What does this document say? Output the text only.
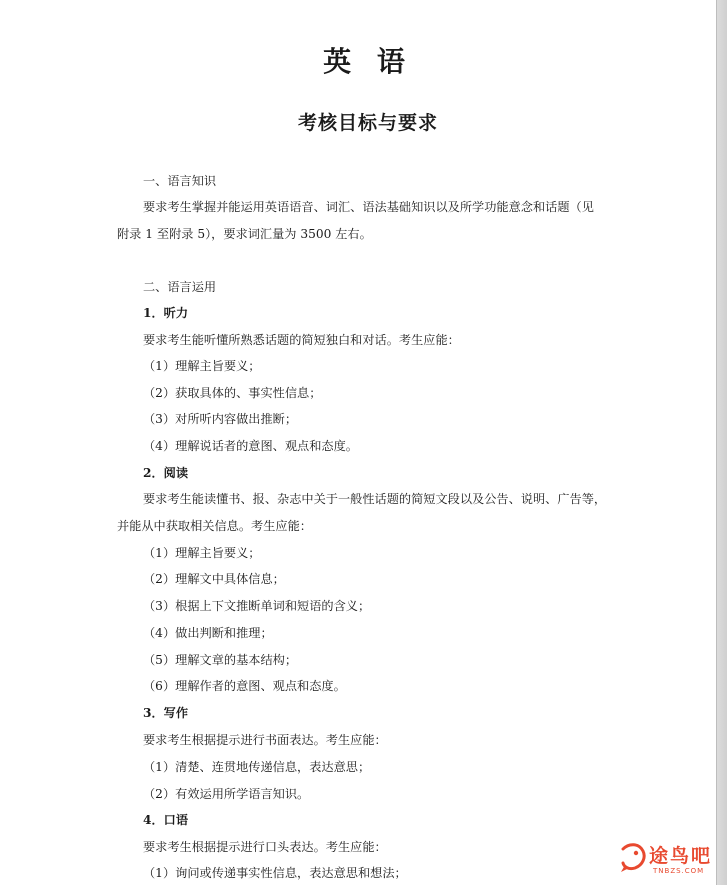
英 语
考核目标与要求
一、语言知识
要求考生掌握并能运用英语语音、词汇、语法基础知识以及所学功能意念和话题（见
附录 1 至附录 5），要求词汇量为 3500 左右。
二、语言运用
1．听力
要求考生能听懂所熟悉话题的简短独白和对话。考生应能：
（1）理解主旨要义；
（2）获取具体的、事实性信息；
（3）对所听内容做出推断；
（4）理解说话者的意图、观点和态度。
2．阅读
要求考生能读懂书、报、杂志中关于一般性话题的简短文段以及公告、说明、广告等，
并能从中获取相关信息。考生应能：
（1）理解主旨要义；
（2）理解文中具体信息；
（3）根据上下文推断单词和短语的含义；
（4）做出判断和推理；
（5）理解文章的基本结构；
（6）理解作者的意图、观点和态度。
3．写作
要求考生根据提示进行书面表达。考生应能：
（1）清楚、连贯地传递信息，表达意思；
（2）有效运用所学语言知识。
4．口语
要求考生根据提示进行口头表达。考生应能：
（1）询问或传递事实性信息，表达意思和想法；
途鸟吧
TNBZS.COM
